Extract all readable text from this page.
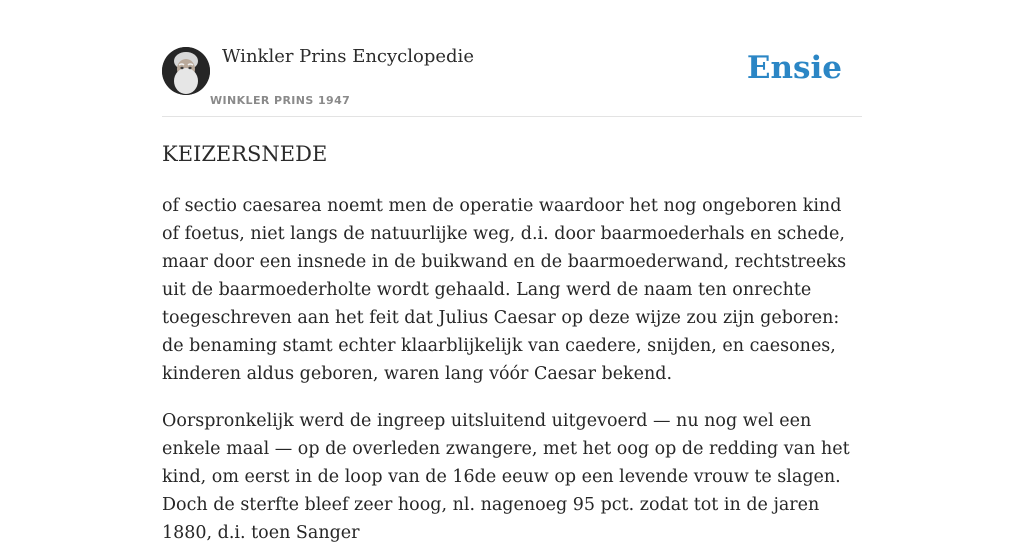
Winkler Prins Encyclopedie
WINKLER PRINS 1947
Ensie
KEIZERSNEDE

of sectio caesarea noemt men de operatie waardoor het nog ongeboren kind of foetus, niet langs de natuurlijke weg, d.i. door baarmoederhals en schede, maar door een insnede in de buikwand en de baarmoederwand, rechtstreeks uit de baarmoederholte wordt gehaald. Lang werd de naam ten onrechte toegeschreven aan het feit dat Julius Caesar op deze wijze zou zijn geboren: de benaming stamt echter klaarblijkelijk van caedere, snijden, en caesones, kinderen aldus geboren, waren lang vóór Caesar bekend.

Oorspronkelijk werd de ingreep uitsluitend uitgevoerd — nu nog wel een enkele maal — op de overleden zwangere, met het oog op de redding van het kind, om eerst in de loop van de 16de eeuw op een levende vrouw te slagen. Doch de sterfte bleef zeer hoog, nl. nagenoeg 95 pct. zodat tot in de jaren 1880, d.i. toen Sanger
